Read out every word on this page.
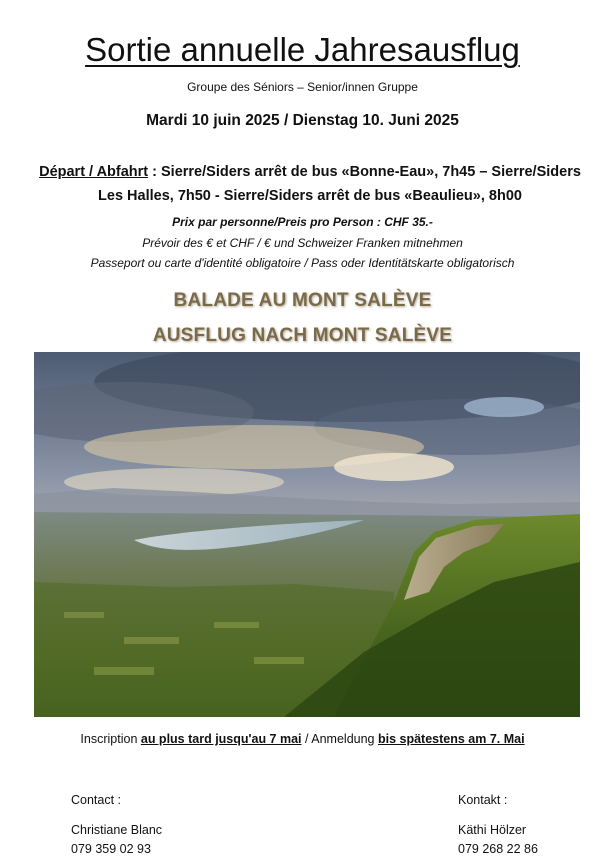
Sortie annuelle Jahresausflug
Groupe des Séniors – Senior/innen Gruppe
Mardi 10 juin 2025 / Dienstag 10. Juni 2025
Départ / Abfahrt : Sierre/Siders arrêt de bus «Bonne-Eau», 7h45 – Sierre/Siders Les Halles, 7h50 - Sierre/Siders arrêt de bus «Beaulieu», 8h00
Prix par personne/Preis pro Person : CHF 35.-
Prévoir des € et CHF / € und Schweizer Franken mitnehmen
Passeport ou carte d'identité obligatoire / Pass oder Identitätskarte obligatorisch
BALADE AU MONT SALÈVE
AUSFLUG NACH MONT SALÈVE
Inscription au plus tard jusqu'au 7 mai / Anmeldung bis spätestens am 7. Mai
Contact :
Christiane Blanc
079 359 02 93
Kontakt :
Käthi Hölzer
079 268 22 86
